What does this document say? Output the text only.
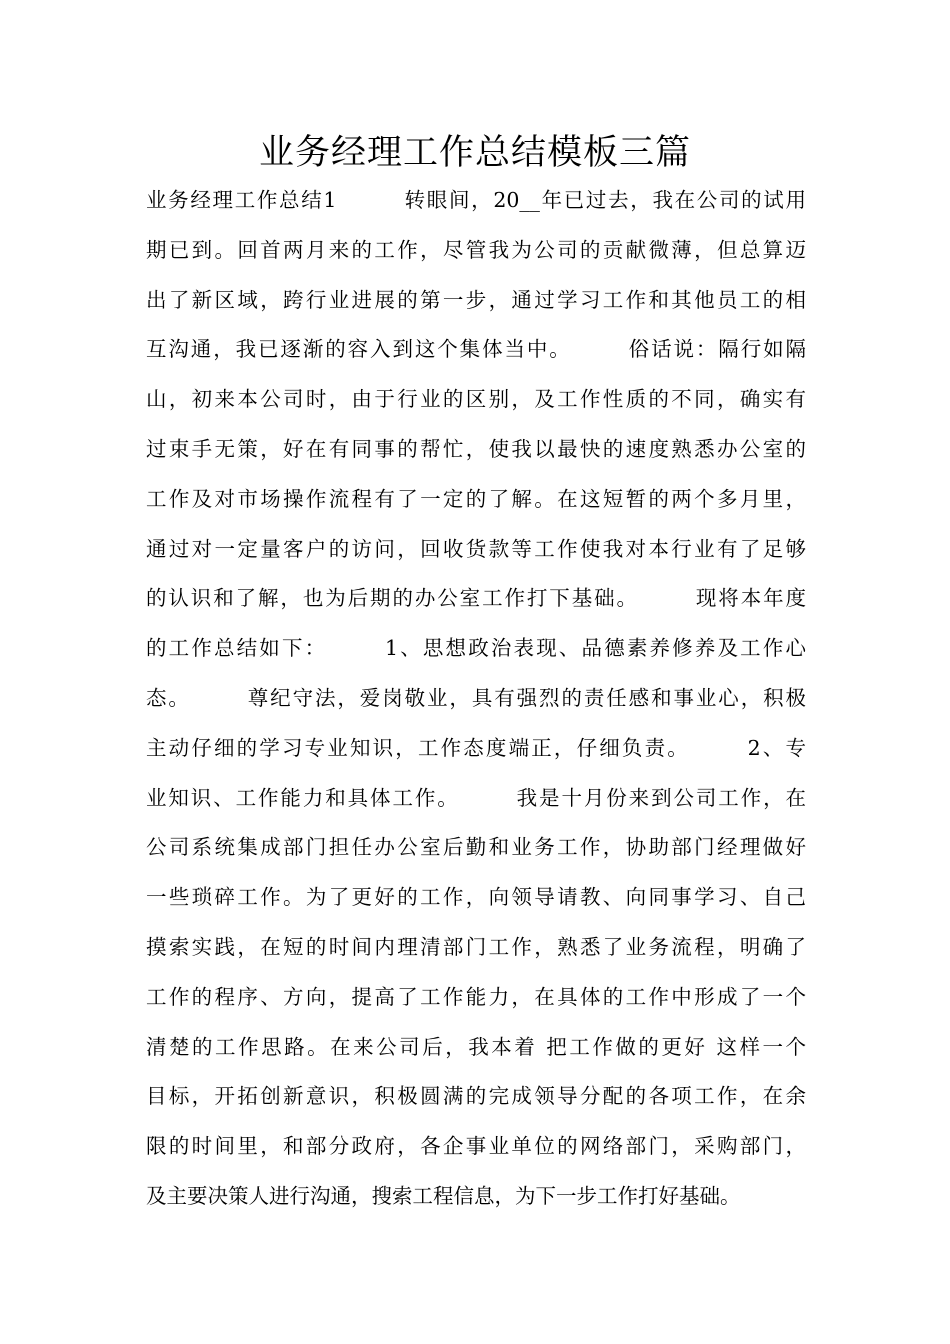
业务经理工作总结模板三篇
业务经理工作总结1　　　转眼间，20__年已过去，我在公司的试用
期已到。回首两月来的工作，尽管我为公司的贡献微薄，但总算迈
出了新区域，跨行业进展的第一步，通过学习工作和其他员工的相
互沟通，我已逐渐的容入到这个集体当中。　　　俗话说：隔行如隔
山，初来本公司时，由于行业的区别，及工作性质的不同，确实有
过束手无策，好在有同事的帮忙，使我以最快的速度熟悉办公室的
工作及对市场操作流程有了一定的了解。在这短暂的两个多月里，
通过对一定量客户的访问，回收货款等工作使我对本行业有了足够
的认识和了解，也为后期的办公室工作打下基础。　　　现将本年度
的工作总结如下：　　　1、思想政治表现、品德素养修养及工作心
态。　　　尊纪守法，爱岗敬业，具有强烈的责任感和事业心，积极
主动仔细的学习专业知识，工作态度端正，仔细负责。　　　2、专
业知识、工作能力和具体工作。　　　我是十月份来到公司工作，在
公司系统集成部门担任办公室后勤和业务工作，协助部门经理做好
一些琐碎工作。为了更好的工作，向领导请教、向同事学习、自己
摸索实践，在短的时间内理清部门工作，熟悉了业务流程，明确了
工作的程序、方向，提高了工作能力，在具体的工作中形成了一个
清楚的工作思路。在来公司后，我本着 把工作做的更好 这样一个
目标，开拓创新意识，积极圆满的完成领导分配的各项工作，在余
限的时间里，和部分政府，各企事业单位的网络部门，采购部门，
及主要决策人进行沟通，搜索工程信息，为下一步工作打好基础。
